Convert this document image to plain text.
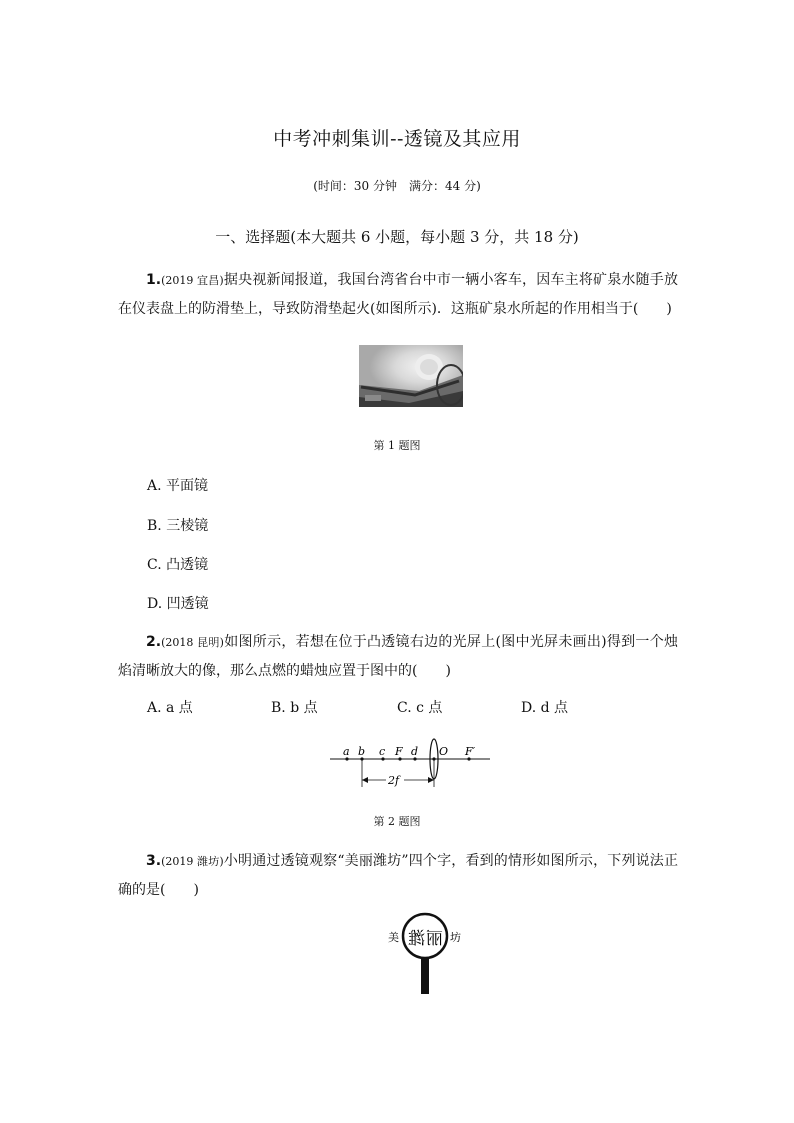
中考冲刺集训--透镜及其应用
(时间：30 分钟　满分：44 分)
一、选择题(本大题共 6 小题，每小题 3 分，共 18 分)
1.(2019 宜昌)据央视新闻报道，我国台湾省台中市一辆小客车，因车主将矿泉水随手放在仪表盘上的防滑垫上，导致防滑垫起火(如图所示)．这瓶矿泉水所起的作用相当于(　　)
第 1 题图
A. 平面镜
B. 三棱镜
C. 凸透镜
D. 凹透镜
2.(2018 昆明)如图所示，若想在位于凸透镜右边的光屏上(图中光屏未画出)得到一个烛焰清晰放大的像，那么点燃的蜡烛应置于图中的(　　)
A. a 点	B. b 点	C. c 点	D. d 点
a b c F d O F′
2f
第 2 题图
3.(2019 潍坊)小明通过透镜观察“美丽潍坊”四个字，看到的情形如图所示，下列说法正确的是(　　)
美	坊
丽
潍
